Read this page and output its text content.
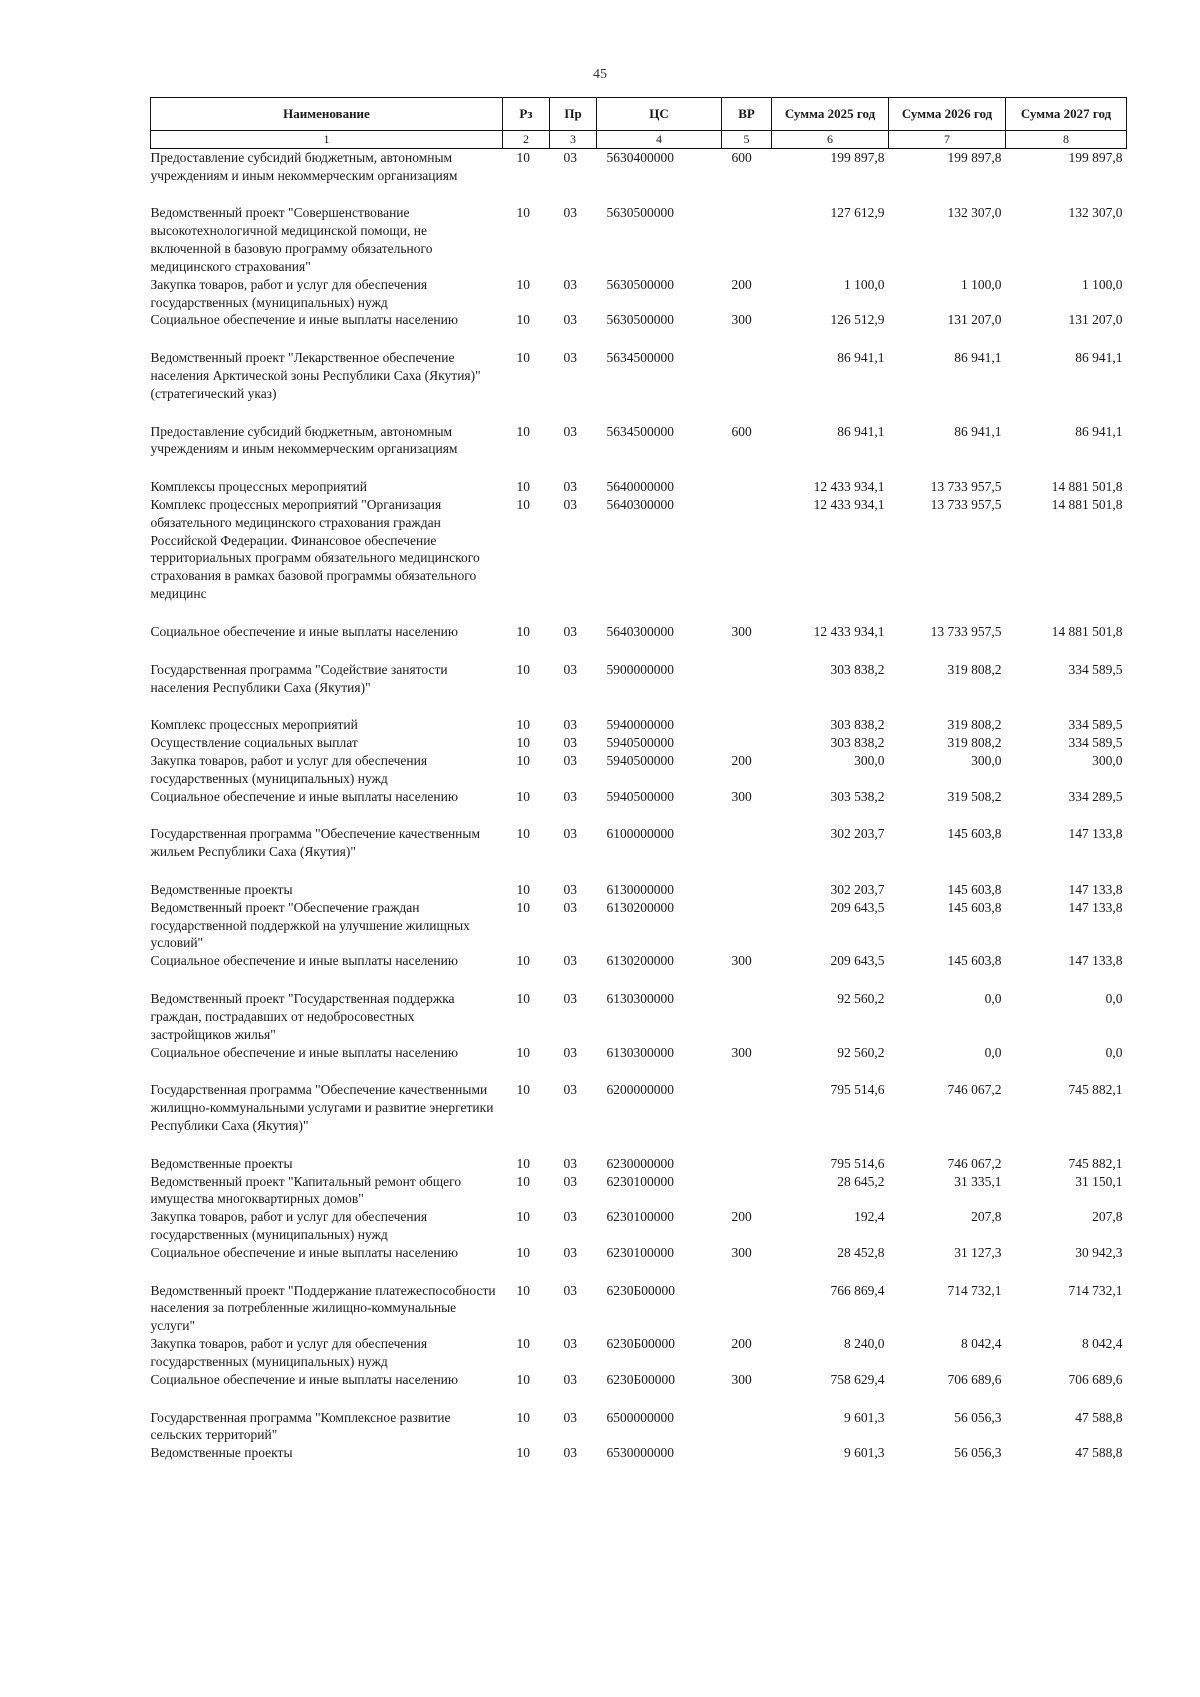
45
Наименование	Рз	Пр	ЦС	ВР	Сумма 2025 год	Сумма 2026 год	Сумма 2027 год
1	2	3	4	5	6	7	8
Предоставление субсидий бюджетным, автономным учреждениям и иным некоммерческим организациям	10	03	5630400000	600	199 897,8	199 897,8	199 897,8
Ведомственный проект "Совершенствование высокотехнологичной медицинской помощи, не включенной в базовую программу обязательного медицинского страхования"	10	03	5630500000		127 612,9	132 307,0	132 307,0
Закупка товаров, работ и услуг для обеспечения государственных (муниципальных) нужд	10	03	5630500000	200	1 100,0	1 100,0	1 100,0
Социальное обеспечение и иные выплаты населению	10	03	5630500000	300	126 512,9	131 207,0	131 207,0
Ведомственный проект "Лекарственное обеспечение населения Арктической зоны Республики Саха (Якутия)" (стратегический указ)	10	03	5634500000		86 941,1	86 941,1	86 941,1
Предоставление субсидий бюджетным, автономным учреждениям и иным некоммерческим организациям	10	03	5634500000	600	86 941,1	86 941,1	86 941,1
Комплексы процессных мероприятий	10	03	5640000000		12 433 934,1	13 733 957,5	14 881 501,8
Комплекс процессных мероприятий "Организация обязательного медицинского страхования граждан Российской Федерации. Финансовое обеспечение территориальных программ обязательного медицинского страхования в рамках базовой программы обязательного медицинс	10	03	5640300000		12 433 934,1	13 733 957,5	14 881 501,8
Социальное обеспечение и иные выплаты населению	10	03	5640300000	300	12 433 934,1	13 733 957,5	14 881 501,8
Государственная программа "Содействие занятости населения Республики Саха (Якутия)"	10	03	5900000000		303 838,2	319 808,2	334 589,5
Комплекс процессных мероприятий	10	03	5940000000		303 838,2	319 808,2	334 589,5
Осуществление социальных выплат	10	03	5940500000		303 838,2	319 808,2	334 589,5
Закупка товаров, работ и услуг для обеспечения государственных (муниципальных) нужд	10	03	5940500000	200	300,0	300,0	300,0
Социальное обеспечение и иные выплаты населению	10	03	5940500000	300	303 538,2	319 508,2	334 289,5
Государственная программа "Обеспечение качественным жильем Республики Саха (Якутия)"	10	03	6100000000		302 203,7	145 603,8	147 133,8
Ведомственные проекты	10	03	6130000000		302 203,7	145 603,8	147 133,8
Ведомственный проект "Обеспечение граждан государственной поддержкой на улучшение жилищных условий"	10	03	6130200000		209 643,5	145 603,8	147 133,8
Социальное обеспечение и иные выплаты населению	10	03	6130200000	300	209 643,5	145 603,8	147 133,8
Ведомственный проект "Государственная поддержка граждан, пострадавших от недобросовестных застройщиков жилья"	10	03	6130300000		92 560,2	0,0	0,0
Социальное обеспечение и иные выплаты населению	10	03	6130300000	300	92 560,2	0,0	0,0
Государственная программа "Обеспечение качественными жилищно-коммунальными услугами и развитие энергетики Республики Саха (Якутия)"	10	03	6200000000		795 514,6	746 067,2	745 882,1
Ведомственные проекты	10	03	6230000000		795 514,6	746 067,2	745 882,1
Ведомственный проект "Капитальный ремонт общего имущества многоквартирных домов"	10	03	6230100000		28 645,2	31 335,1	31 150,1
Закупка товаров, работ и услуг для обеспечения государственных (муниципальных) нужд	10	03	6230100000	200	192,4	207,8	207,8
Социальное обеспечение и иные выплаты населению	10	03	6230100000	300	28 452,8	31 127,3	30 942,3
Ведомственный проект "Поддержание платежеспособности населения за потребленные жилищно-коммунальные услуги"	10	03	6230Б00000		766 869,4	714 732,1	714 732,1
Закупка товаров, работ и услуг для обеспечения государственных (муниципальных) нужд	10	03	6230Б00000	200	8 240,0	8 042,4	8 042,4
Социальное обеспечение и иные выплаты населению	10	03	6230Б00000	300	758 629,4	706 689,6	706 689,6
Государственная программа "Комплексное развитие сельских территорий"	10	03	6500000000		9 601,3	56 056,3	47 588,8
Ведомственные проекты	10	03	6530000000		9 601,3	56 056,3	47 588,8
